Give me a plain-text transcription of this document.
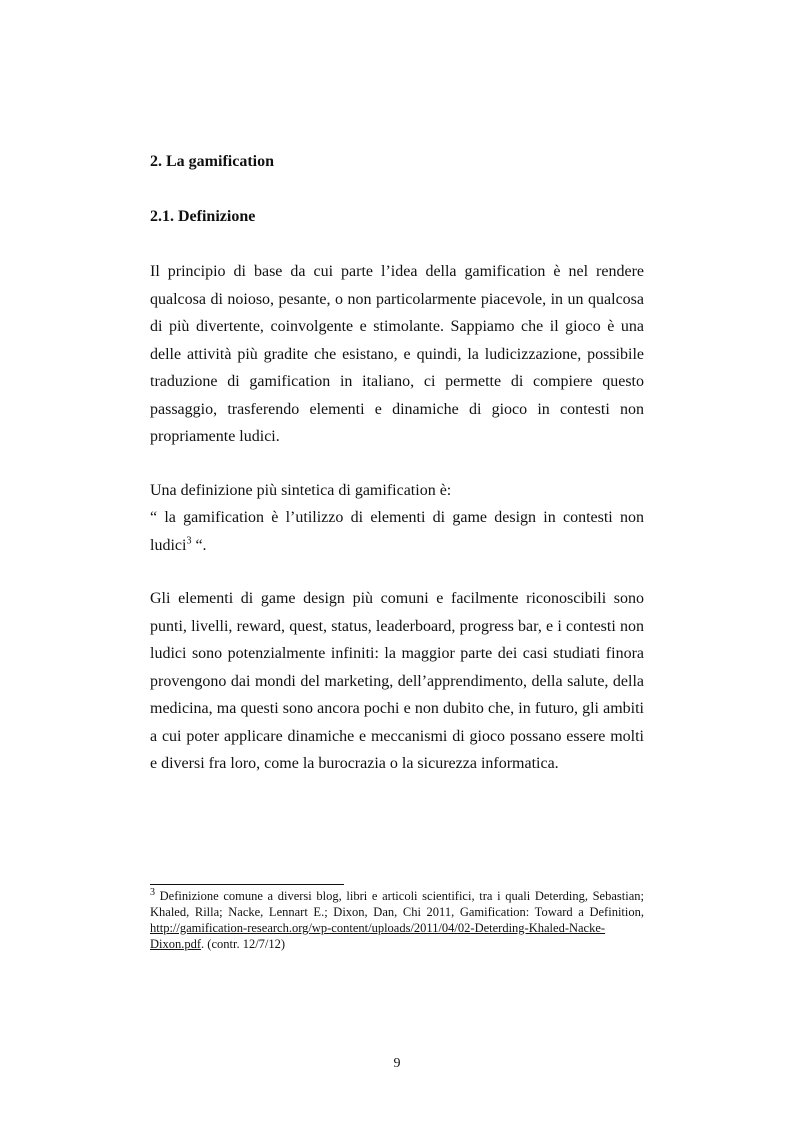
2. La gamification
2.1. Definizione

Il principio di base da cui parte l’idea della gamification è nel rendere qualcosa di noioso, pesante, o non particolarmente piacevole, in un qualcosa di più divertente, coinvolgente e stimolante. Sappiamo che il gioco è una delle attività più gradite che esistano, e quindi, la ludicizzazione, possibile traduzione di gamification in italiano, ci permette di compiere questo passaggio, trasferendo elementi e dinamiche di gioco in contesti non propriamente ludici.

Una definizione più sintetica di gamification è:

“ la gamification è l’utilizzo di elementi di game design in contesti non ludici$^3$ “.

Gli elementi di game design più comuni e facilmente riconoscibili sono punti, livelli, reward, quest, status, leaderboard, progress bar, e i contesti non ludici sono potenzialmente infiniti: la maggior parte dei casi studiati finora provengono dai mondi del marketing, dell’apprendimento, della salute, della medicina, ma questi sono ancora pochi e non dubito che, in futuro, gli ambiti a cui poter applicare dinamiche e meccanismi di gioco possano essere molti e diversi fra loro, come la burocrazia o la sicurezza informatica.

$^3$ Definizione comune a diversi blog, libri e articoli scientifici, tra i quali Deterding, Sebastian; Khaled, Rilla; Nacke, Lennart E.; Dixon, Dan, Chi 2011, Gamification: Toward a Definition, http://gamification-research.org/wp-content/uploads/2011/04/02-Deterding-Khaled-Nacke-Dixon.pdf. (contr. 12/7/12)
9
